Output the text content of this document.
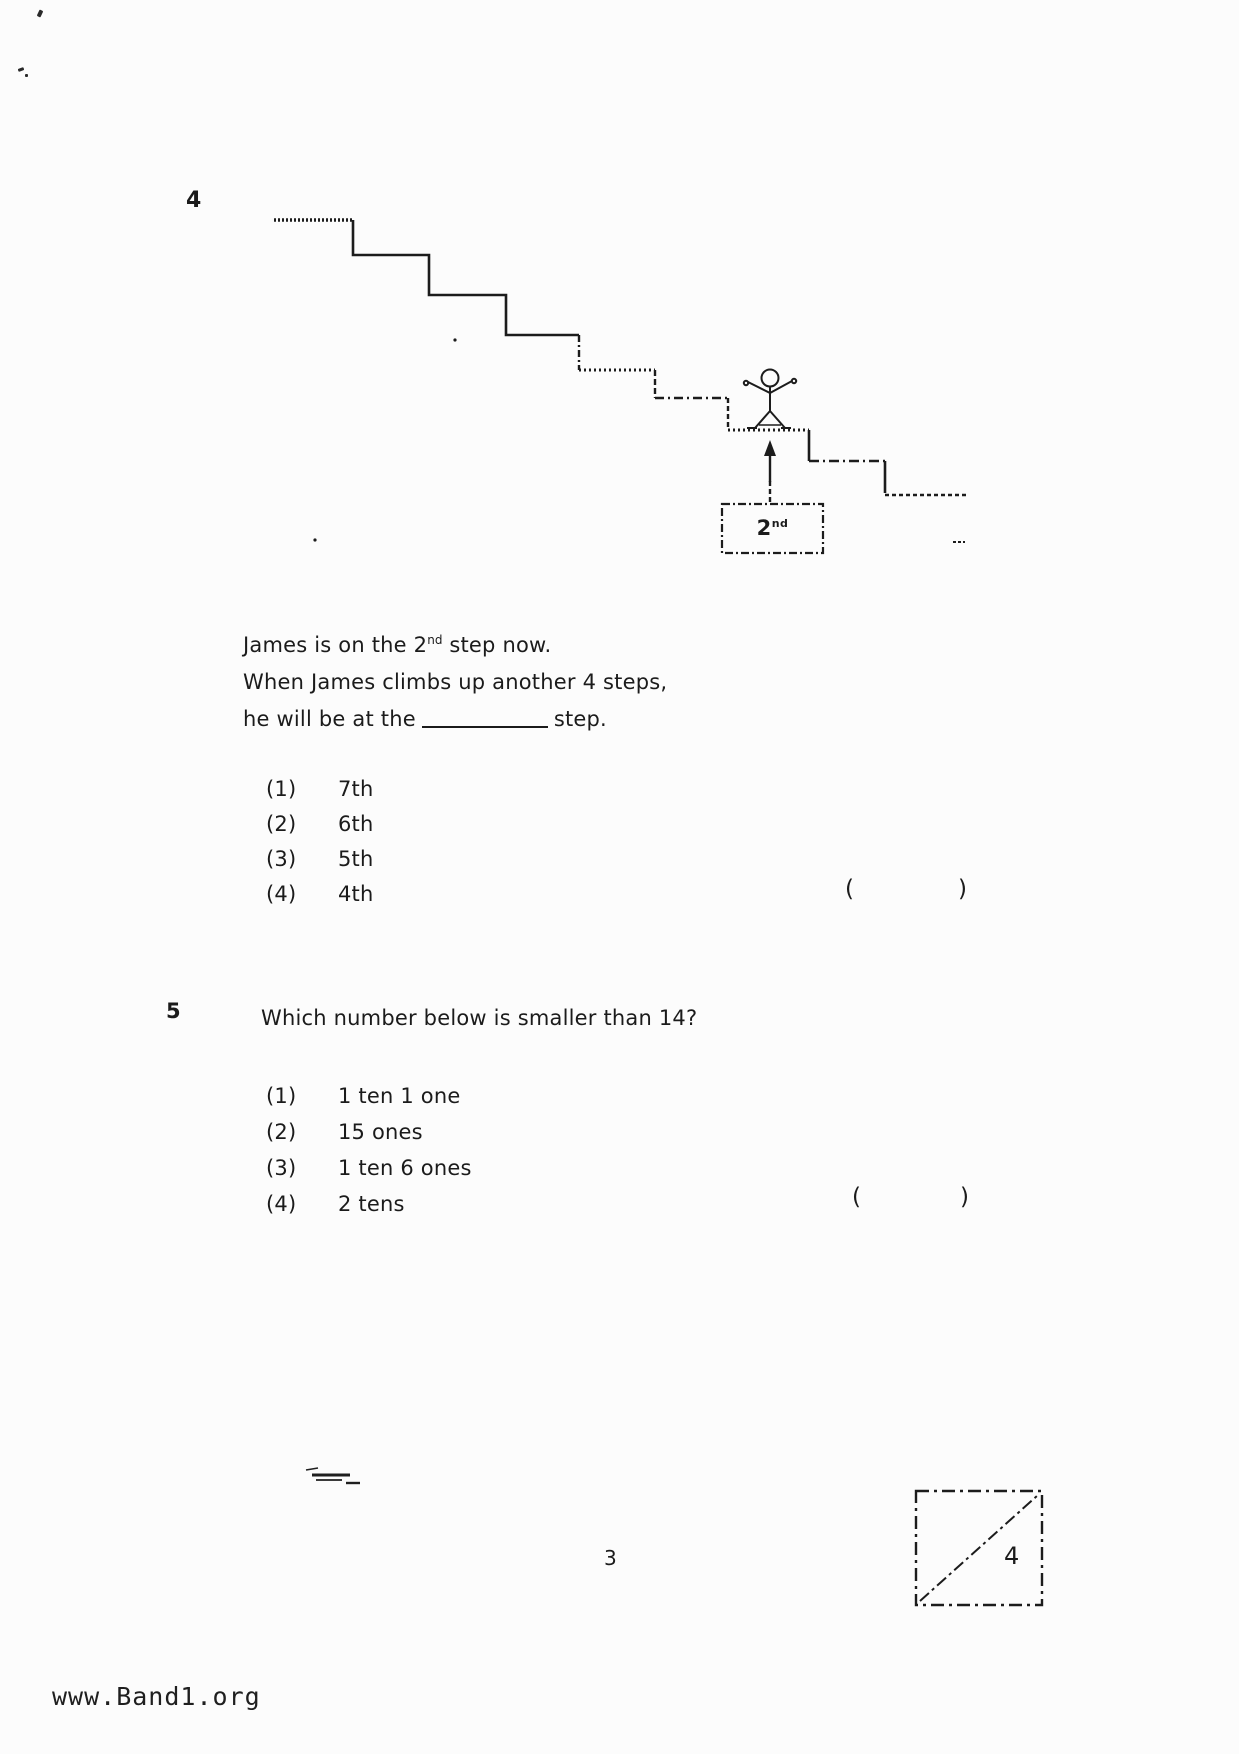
4
2nd
James is on the 2nd step now.
When James climbs up another 4 steps,
he will be at the	step.
(1)	7th
(2)	6th
(3)	5th
(4)	4th	(	)
5	Which number below is smaller than 14?
(1)	1 ten 1 one
(2)	15 ones
(3)	1 ten 6 ones
(4)	2 tens	(	)
3	4
www.Band1.org
